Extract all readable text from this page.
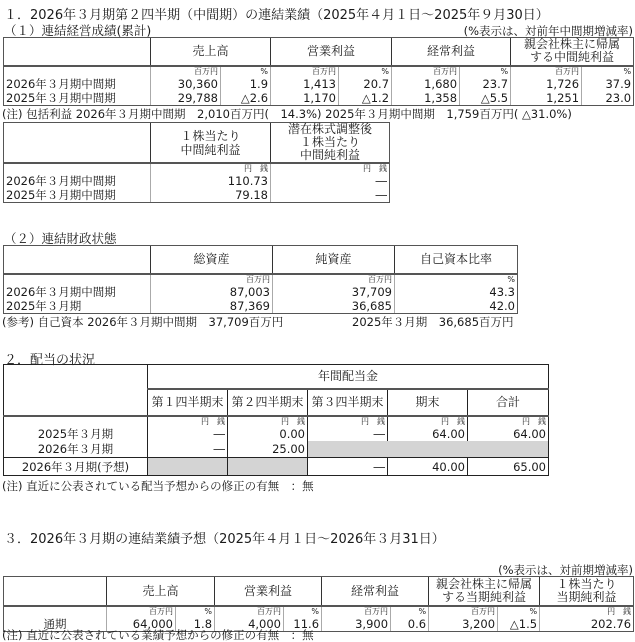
１．2026年３月期第２四半期（中間期）の連結業績（2025年４月１日～2025年９月30日）
（１）連結経営成績(累計)	(%表示は、対前年中間期増減率)
	売上高		営業利益		経常利益		親会社株主に帰属
する中間純利益	

	百万円	%	百万円	%	百万円	%	百万円	%
2026年３月期中間期	30,360	1.9	1,413	20.7	1,680	23.7	1,726	37.9
2025年３月期中間期	29,788	△2.6	1,170	△1.2	1,358	△5.5	1,251	23.0
(注) 包括利益 2026年３月期中間期　2,010百万円(　14.3%) 2025年３月期中間期　1,759百万円( △31.0%)

１株当たり
中間純利益

潜在株式調整後
１株当たり
中間純利益

	円　銭	円　銭
2026年３月期中間期	110.73	―
2025年３月期中間期	79.18	―
（２）連結財政状態
	総資産	純資産	自己資本比率
	百万円	百万円	%
2026年３月期中間期	87,003	37,709	43.3
2025年３月期	87,369	36,685	42.0
(参考) 自己資本 2026年３月期中間期　37,709百万円	2025年３月期　36,685百万円
２．配当の状況
	年間配当金				
	第１四半期末	第２四半期末	第３四半期末	期末	合計
	円　銭	円　銭	円　銭	円　銭	円　銭
2025年３月期	―	0.00	―	64.00	64.00
2026年３月期	―	25.00			
2026年３月期(予想)			―	40.00	65.00
(注) 直近に公表されている配当予想からの修正の有無　：無
３．2026年３月期の連結業績予想（2025年４月１日～2026年３月31日）
(%表示は、対前期増減率)
	売上高	営業利益	経常利益	親会社株主に帰属
する当期純利益

１株当たり
当期純利益

	百万円	%	百万円	%	百万円	%	百万円	%	円　銭
通期	64,000	1.8	4,000	11.6	3,900	0.6	3,200	△1.5	202.76
(注) 直近に公表されている業績予想からの修正の有無　：無
